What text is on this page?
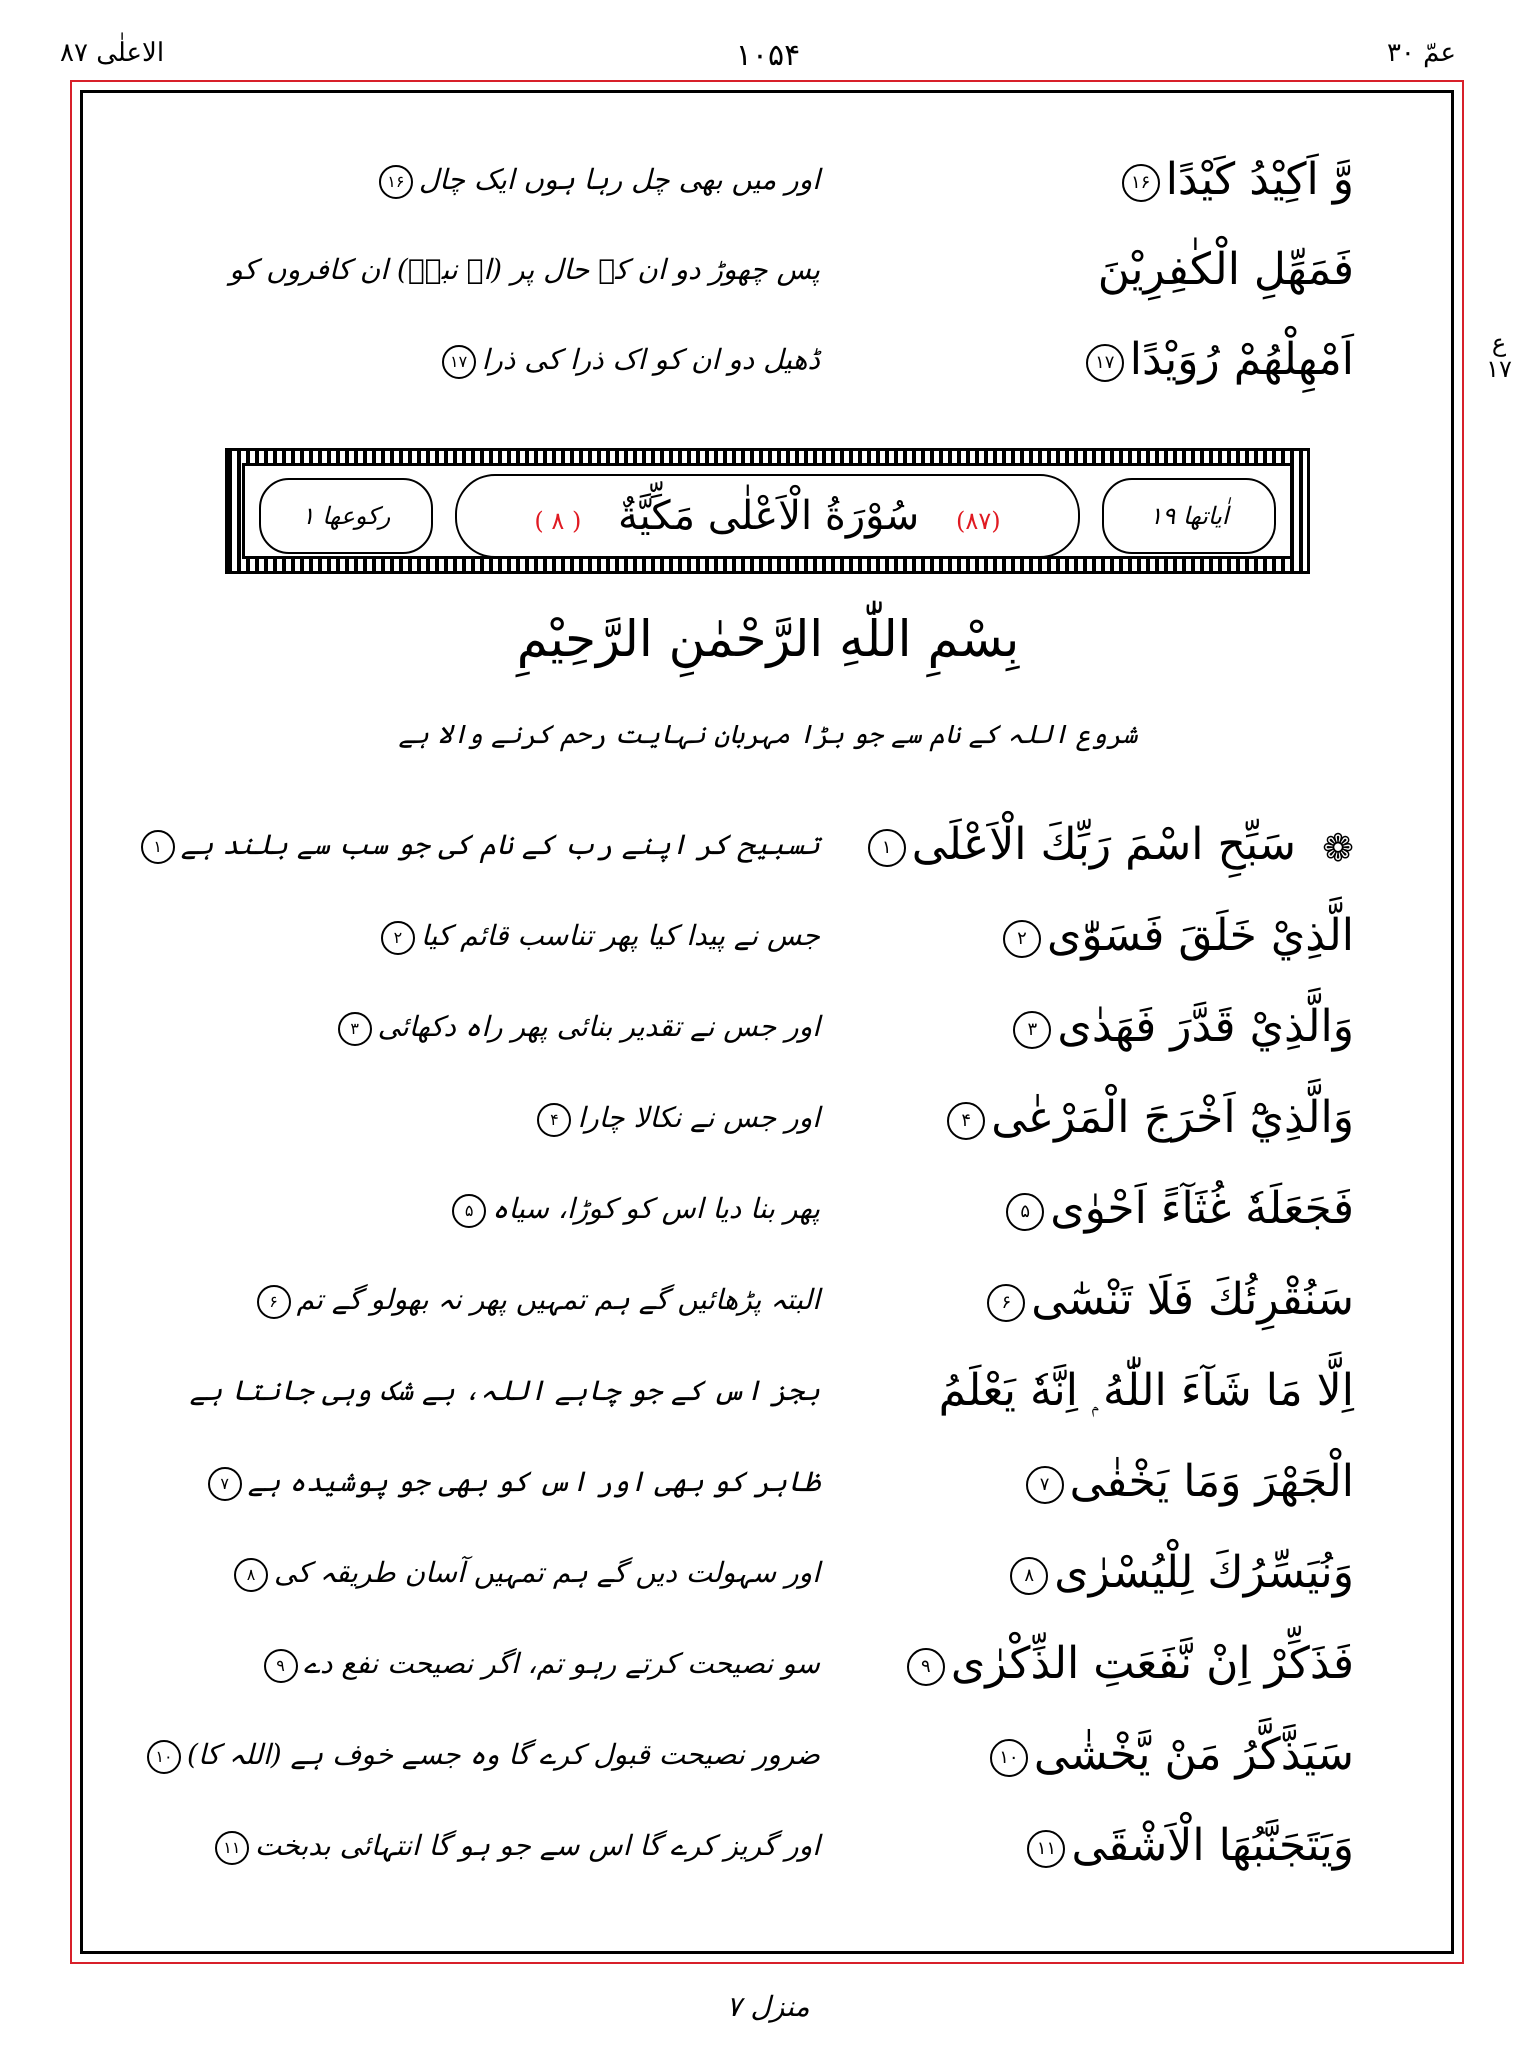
عمّ ۳۰
۱۰۵۴
الاعلٰی ۸۷
ع ۱۷
وَّ اَكِيْدُ كَيْدًا۱۶
اور میں بھی چل رہا ہوں ایک چال۱۶
فَمَهِّلِ الْكٰفِرِيْنَ
پس چھوڑ دو ان کے حال پر (اے نبیؐ) ان کافروں کو
اَمْهِلْهُمْ رُوَيْدًا۱۷
ڈھیل دو ان کو اک ذرا کی ذرا۱۷
اٰیاتها ۱۹
(۸۷) سُوْرَةُ الْاَعْلٰى مَكِّيَّةٌ ( ۸ )
رکوعها ۱
بِسْمِ اللّٰهِ الرَّحْمٰنِ الرَّحِيْمِ
شروع اللہ کے نام سے جو بڑا مہربان نہایت رحم کرنے والا ہے
❁سَبِّحِ اسْمَ رَبِّكَ الْاَعْلَى۱
تسبیح کر اپنے رب کے نام کی جو سب سے بلند ہے۱
الَّذِيْ خَلَقَ فَسَوّٰى۲
جس نے پیدا کیا پھر تناسب قائم کیا۲
وَالَّذِيْ قَدَّرَ فَهَدٰى۳
اور جس نے تقدیر بنائی پھر راہ دکھائی۳
وَالَّذِيْٓ اَخْرَجَ الْمَرْعٰى۴
اور جس نے نکالا چارا۴
فَجَعَلَهٗ غُثَآءً اَحْوٰى۵
پھر بنا دیا اس کو کوڑا، سیاہ۵
سَنُقْرِئُكَ فَلَا تَنْسٰٓى۶
البتہ پڑھائیں گے ہم تمہیں پھر نہ بھولو گے تم۶
اِلَّا مَا شَآءَ اللّٰهُ ۭ اِنَّهٗ يَعْلَمُ
بجز اس کے جو چاہے اللہ، بے شک وہی جانتا ہے
الْجَهْرَ وَمَا يَخْفٰى۷
ظاہر کو بھی اور اس کو بھی جو پوشیدہ ہے۷
وَنُيَسِّرُكَ لِلْيُسْرٰى۸
اور سہولت دیں گے ہم تمہیں آسان طریقہ کی۸
فَذَكِّرْ اِنْ نَّفَعَتِ الذِّكْرٰى۹
سو نصیحت کرتے رہو تم، اگر نصیحت نفع دے۹
سَيَذَّكَّرُ مَنْ يَّخْشٰى۱۰
ضرور نصیحت قبول کرے گا وہ جسے خوف ہے (اللہ کا)۱۰
وَيَتَجَنَّبُهَا الْاَشْقَى۱۱
اور گریز کرے گا اس سے جو ہو گا انتہائی بدبخت۱۱
منزل ۷
